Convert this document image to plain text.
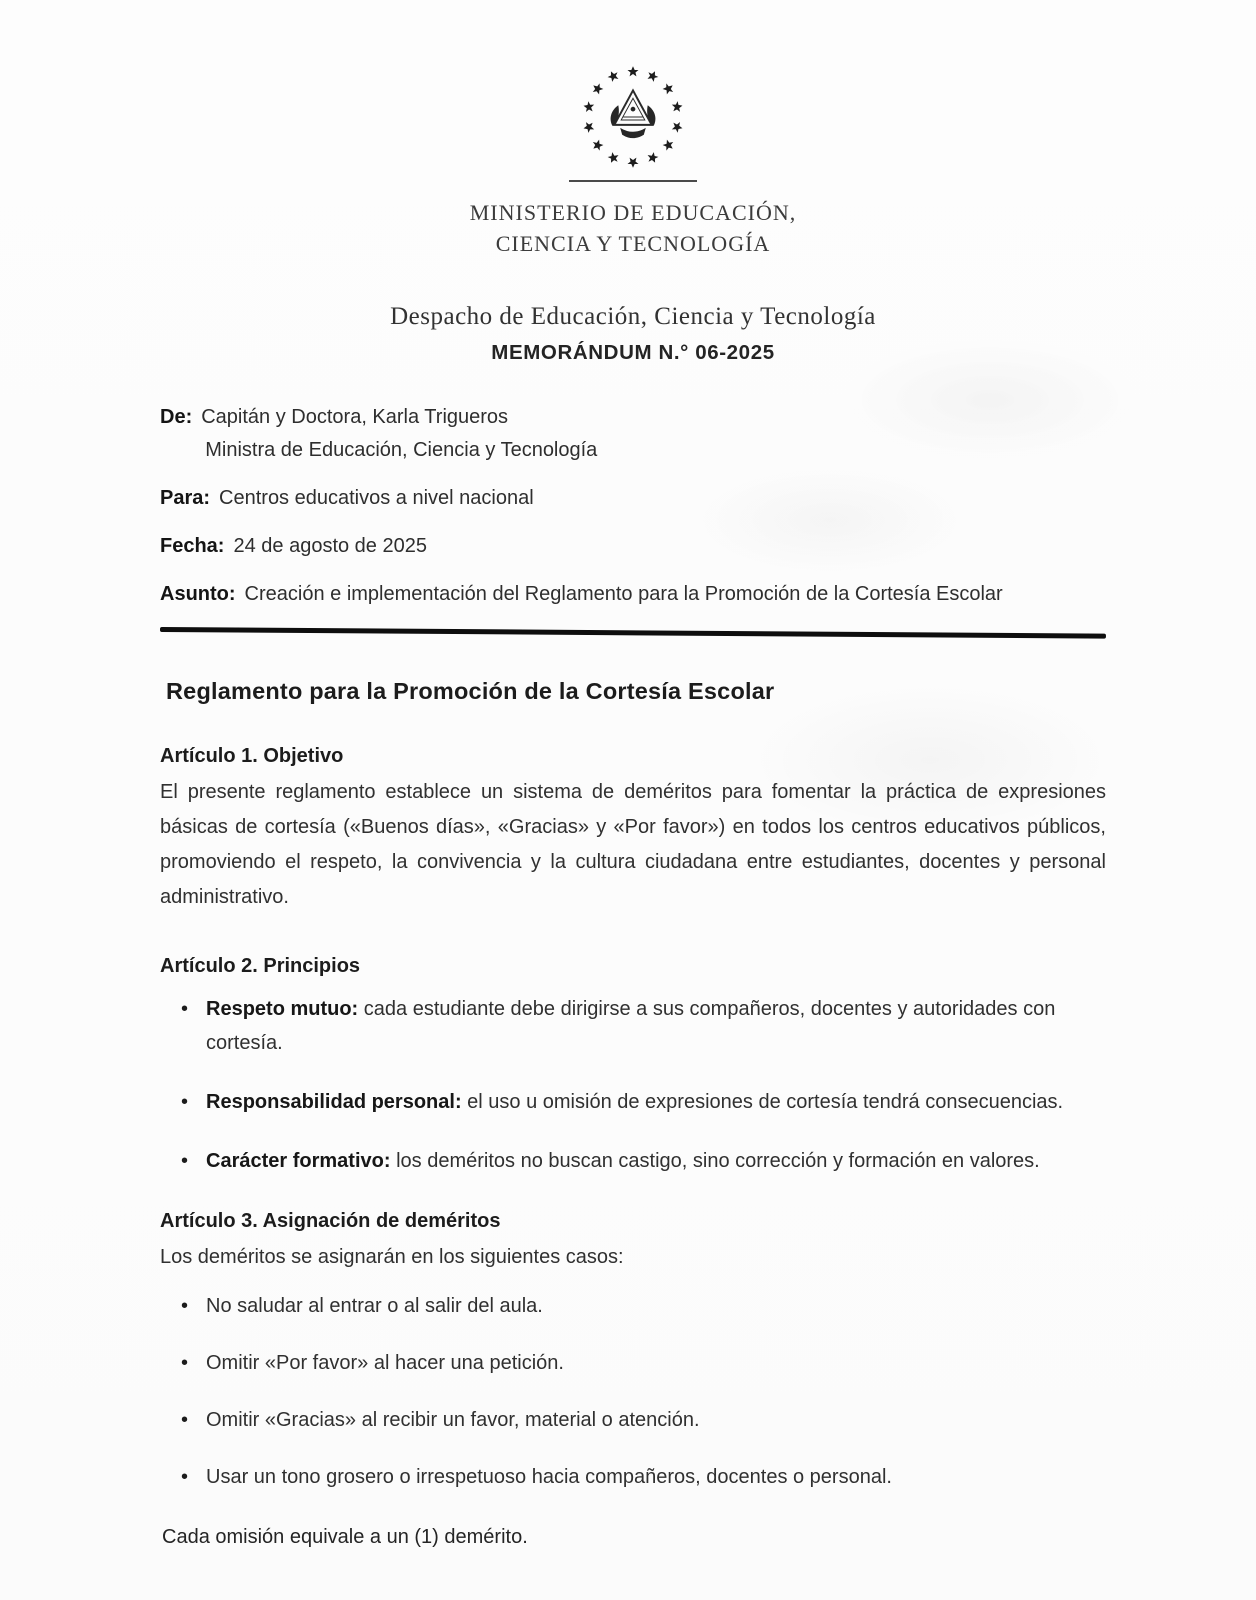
MINISTERIO DE EDUCACIÓN,
CIENCIA Y TECNOLOGÍA
Despacho de Educación, Ciencia y Tecnología
MEMORÁNDUM N.° 06-2025
De: Capitán y Doctora, Karla Trigueros
Ministra de Educación, Ciencia y Tecnología
Para: Centros educativos a nivel nacional
Fecha: 24 de agosto de 2025
Asunto: Creación e implementación del Reglamento para la Promoción de la Cortesía Escolar
Reglamento para la Promoción de la Cortesía Escolar
Artículo 1. Objetivo

El presente reglamento establece un sistema de deméritos para fomentar la práctica de expresiones básicas de cortesía («Buenos días», «Gracias» y «Por favor») en todos los centros educativos públicos, promoviendo el respeto, la convivencia y la cultura ciudadana entre estudiantes, docentes y personal administrativo.

Artículo 2. Principios
• Respeto mutuo: cada estudiante debe dirigirse a sus compañeros, docentes y autoridades con cortesía.
• Responsabilidad personal: el uso u omisión de expresiones de cortesía tendrá consecuencias.
• Carácter formativo: los deméritos no buscan castigo, sino corrección y formación en valores.
Artículo 3. Asignación de deméritos

Los deméritos se asignarán en los siguientes casos:

• No saludar al entrar o al salir del aula.
• Omitir «Por favor» al hacer una petición.
• Omitir «Gracias» al recibir un favor, material o atención.
• Usar un tono grosero o irrespetuoso hacia compañeros, docentes o personal.

Cada omisión equivale a un (1) demérito.
